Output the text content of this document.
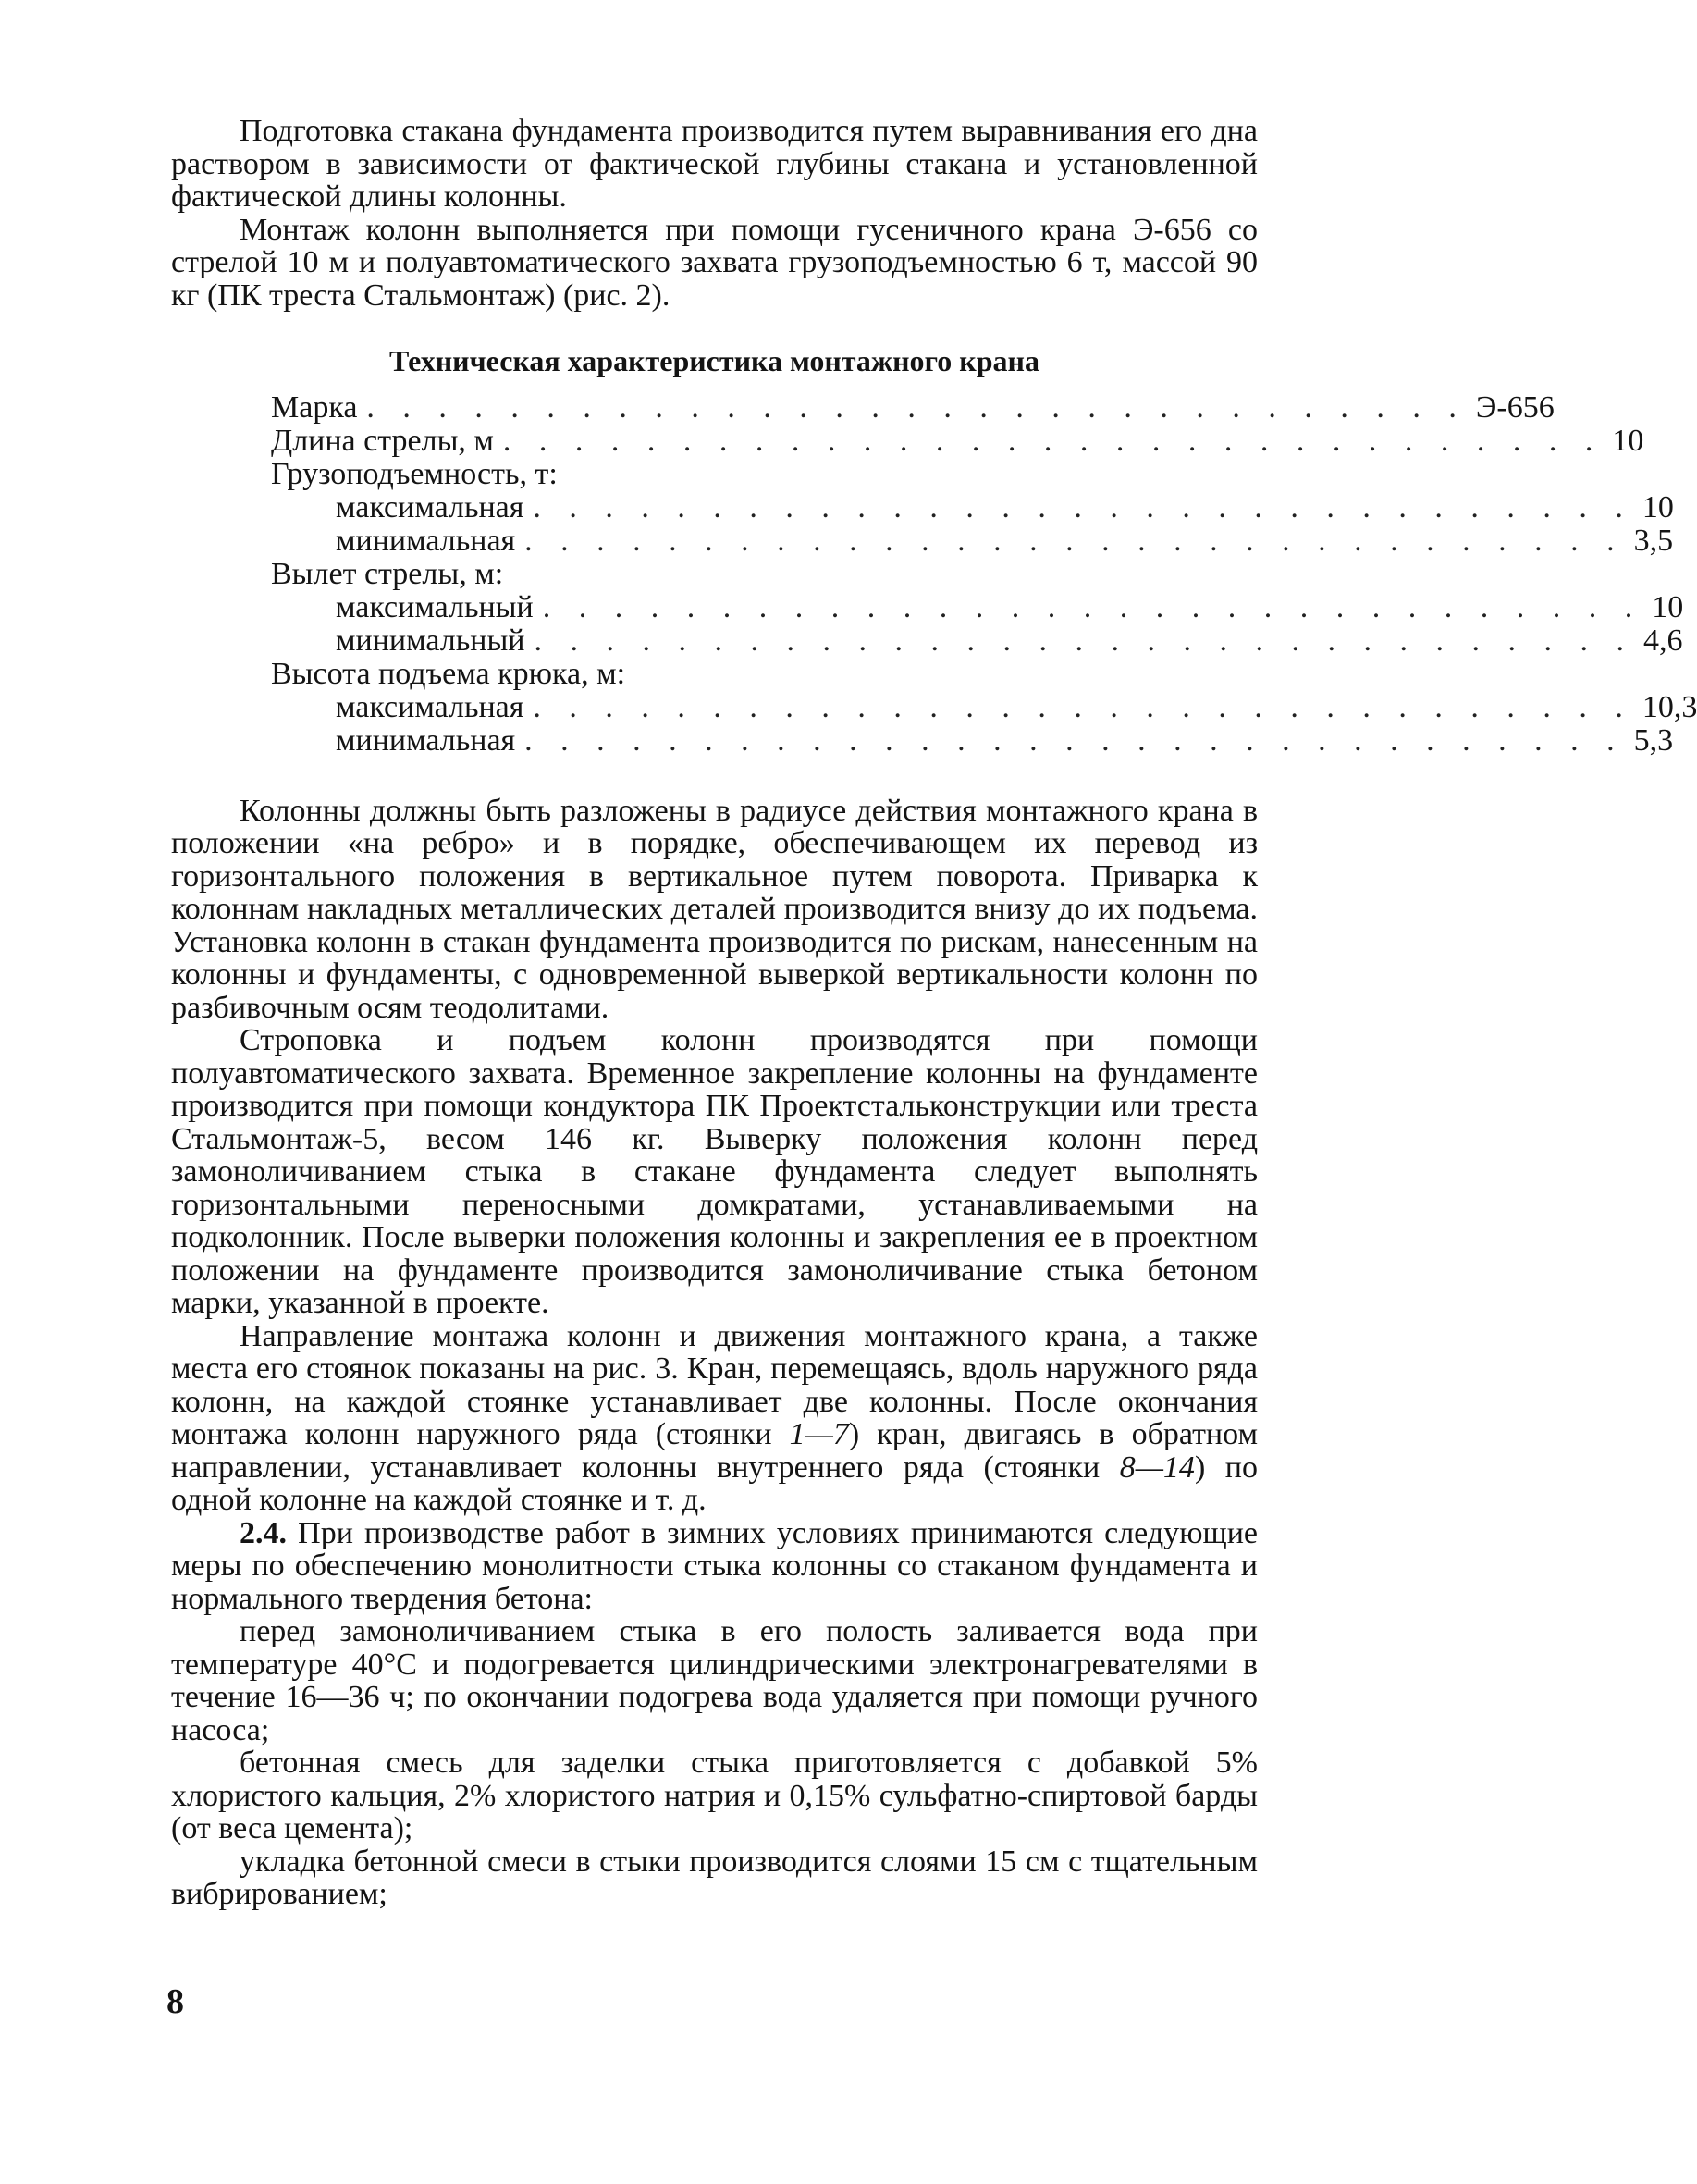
Подготовка стакана фундамента производится путем выравнивания его дна раствором в зависимости от фактической глубины стакана и установленной фактической длины колонны.

Монтаж колонн выполняется при помощи гусеничного крана Э-656 со стрелой 10 м и полуавтоматического захвата грузоподъемностью 6 т, массой 90 кг (ПК треста Стальмонтаж) (рис. 2).

Техническая характеристика монтажного крана

Марка . . . . . . . . . . . . . . . . . . . . . . . . . . . . . . . Э-656
Длина стрелы, м . . . . . . . . . . . . . . . . . . . . . . . . . . . . . . . 10
Грузоподъемность, т:
максимальная . . . . . . . . . . . . . . . . . . . . . . . . . . . . . . . 10
минимальная . . . . . . . . . . . . . . . . . . . . . . . . . . . . . . . 3,5
Вылет стрелы, м:
максимальный . . . . . . . . . . . . . . . . . . . . . . . . . . . . . . . 10
минимальный . . . . . . . . . . . . . . . . . . . . . . . . . . . . . . . 4,6
Высота подъема крюка, м:
максимальная . . . . . . . . . . . . . . . . . . . . . . . . . . . . . . . 10,3
минимальная . . . . . . . . . . . . . . . . . . . . . . . . . . . . . . . 5,3

Колонны должны быть разложены в радиусе действия монтажного крана в положении «на ребро» и в порядке, обеспечивающем их перевод из горизонтального положения в вертикальное путем поворота. Приварка к колоннам накладных металлических деталей производится внизу до их подъема. Установка колонн в стакан фундамента производится по рискам, нанесенным на колонны и фундаменты, с одновременной выверкой вертикальности колонн по разбивочным осям теодолитами.

Строповка и подъем колонн производятся при помощи полуавтоматического захвата. Временное закрепление колонны на фундаменте производится при помощи кондуктора ПК Проектстальконструкции или треста Стальмонтаж-5, весом 146 кг. Выверку положения колонн перед замоноличиванием стыка в стакане фундамента следует выполнять горизонтальными переносными домкратами, устанавливаемыми на подколонник. После выверки положения колонны и закрепления ее в проектном положении на фундаменте производится замоноличивание стыка бетоном марки, указанной в проекте.

Направление монтажа колонн и движения монтажного крана, а также места его стоянок показаны на рис. 3. Кран, перемещаясь, вдоль наружного ряда колонн, на каждой стоянке устанавливает две колонны. После окончания монтажа колонн наружного ряда (стоянки 1—7) кран, двигаясь в обратном направлении, устанавливает колонны внутреннего ряда (стоянки 8—14) по одной колонне на каждой стоянке и т. д.

2.4. При производстве работ в зимних условиях принимаются следующие меры по обеспечению монолитности стыка колонны со стаканом фундамента и нормального твердения бетона:

перед замоноличиванием стыка в его полость заливается вода при температуре 40°С и подогревается цилиндрическими электронагревателями в течение 16—36 ч; по окончании подогрева вода удаляется при помощи ручного насоса;

бетонная смесь для заделки стыка приготовляется с добавкой 5% хлористого кальция, 2% хлористого натрия и 0,15% сульфатно-спиртовой барды (от веса цемента);

укладка бетонной смеси в стыки производится слоями 15 см с тщательным вибрированием;

8
